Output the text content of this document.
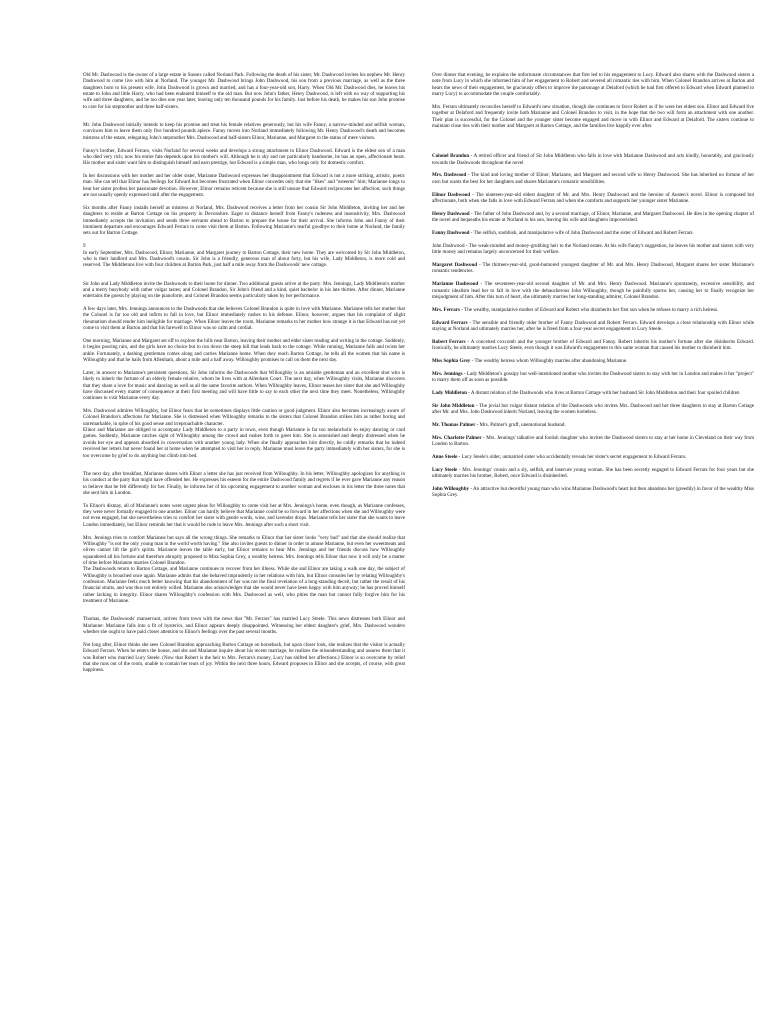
Old Mr. Dashwood is the owner of a large estate in Sussex called Norland Park. Following the death of his sister, Mr. Dashwood invites his nephew Mr. Henry Dashwood to come live with him at Norland. The younger Mr. Dashwood brings John Dashwood, his son from a previous marriage, as well as the three daughters born to his present wife. John Dashwood is grown and married, and has a four-year-old son, Harry. When Old Mr. Dashwood dies, he leaves his estate to John and little Harry, who had been endeared himself to the old man. But now John's father, Henry Dashwood, is left with no way of supporting his wife and three daughters, and he too dies one year later, leaving only ten thousand pounds for his family. Just before his death, he makes his son John promise to care for his stepmother and three half-sisters.

Mr. John Dashwood initially intends to keep his promise and treat his female relatives generously, but his wife Fanny, a narrow-minded and selfish woman, convinces him to leave them only five hundred pounds apiece. Fanny moves into Norland immediately following Mr. Henry Dashwood's death and becomes mistress of the estate, relegating John's stepmother Mrs. Dashwood and half-sisters Elinor, Marianne, and Margaret to the status of mere visitors.

Fanny's brother, Edward Ferrars, visits Norland for several weeks and develops a strong attachment to Elinor Dashwood. Edward is the eldest son of a man who died very rich; now his entire fate depends upon his mother's will. Although he is shy and not particularly handsome, he has an open, affectionate heart. His mother and sister want him to distinguish himself and earn prestige, but Edward is a simple man, who longs only for domestic comfort.

In her discussions with her mother and her older sister, Marianne Dashwood expresses her disappointment that Edward is not a more striking, artistic, poetic man. She can tell that Elinor has feelings for Edward but becomes frustrated when Elinor concedes only that she "likes" and "esteems" him; Marianne longs to hear her sister profess her passionate devotion. However, Elinor remains reticent because she is still unsure that Edward reciprocates her affection; such things are not usually openly expressed until after the engagement.

Six months after Fanny installs herself as mistress at Norland, Mrs. Dashwood receives a letter from her cousin Sir John Middleton, inviting her and her daughters to reside at Barton Cottage on his property in Devonshire. Eager to distance herself from Fanny's rudeness and insensitivity, Mrs. Dashwood immediately accepts the invitation and sends three servants ahead to Barton to prepare the house for their arrival. She informs John and Fanny of their imminent departure and encourages Edward Ferrars to come visit them at Barton. Following Marianne's tearful goodbye to their home at Norland, the family sets out for Barton Cottage.

9
In early September, Mrs. Dashwood, Elinor, Marianne, and Margaret journey to Barton Cottage, their new home. They are welcomed by Sir John Middleton, who is their landlord and Mrs. Dashwood's cousin. Sir John is a friendly, generous man of about forty, but his wife, Lady Middleton, is more cold and reserved. The Middletons live with four children at Barton Park, just half a mile away from the Dashwoods' new cottage.

Sir John and Lady Middleton invite the Dashwoods to their home for dinner. Two additional guests arrive at the party: Mrs. Jennings, Lady Middleton's mother and a merry busybody with rather vulgar tastes; and Colonel Brandon, Sir John's friend and a kind, quiet bachelor in his late thirties. After dinner, Marianne entertains the guests by playing on the pianoforte, and Colonel Brandon seems particularly taken by her performance.

A few days later, Mrs. Jennings announces to the Dashwoods that she believes Colonel Brandon is quite in love with Marianne. Marianne tells her mother that the Colonel is far too old and infirm to fall in love, but Elinor immediately rushes to his defense. Elinor, however, argues that his complaint of slight rheumatism should render him ineligible for marriage. When Elinor leaves the room, Marianne remarks to her mother how strange it is that Edward has not yet come to visit them at Barton and that his farewell to Elinor was so calm and cordial.

One morning, Marianne and Margaret set off to explore the hills near Barton, leaving their mother and elder sister reading and writing in the cottage. Suddenly, it begins pouring rain, and the girls have no choice but to run down the steep hill that leads back to the cottage. While running, Marianne falls and twists her ankle. Fortunately, a dashing gentleman comes along and carries Marianne home. When they reach Barton Cottage, he tells all the women that his name is Willoughby and that he hails from Allenham, about a mile and a half away. Willoughby promises to call on them the next day.

Later, in answer to Marianne's persistent questions, Sir John informs the Dashwoods that Willoughby is an amiable gentleman and an excellent shot who is likely to inherit the fortune of an elderly female relative, whom he lives with at Allenham Court. The next day, when Willoughby visits, Marianne discovers that they share a love for music and dancing as well as all the same favorite authors. When Willoughby leaves, Elinor teases her sister that she and Willoughby have discussed every matter of consequence at their first meeting and will have little to say to each other the next time they meet. Nonetheless, Willoughby continues to visit Marianne every day.

Mrs. Dashwood admires Willoughby, but Elinor fears that he sometimes displays little caution or good judgment. Elinor also becomes increasingly aware of Colonel Brandon's affections for Marianne. She is distressed when Willoughby remarks to the sisters that Colonel Brandon strikes him as rather boring and unremarkable, in spite of his good sense and irreproachable character.
Elinor and Marianne are obliged to accompany Lady Middleton to a party in town, even though Marianne is far too melancholic to enjoy dancing or card games. Suddenly, Marianne catches sight of Willoughby among the crowd and rushes forth to greet him. She is astonished and deeply distressed when he avoids her eye and appears absorbed in conversation with another young lady. When she finally approaches him directly, he coldly remarks that he indeed received her letters but never found her at home when he attempted to visit her in reply. Marianne must leave the party immediately with her sisters, for she is too overcome by grief to do anything but climb into bed.

The next day, after breakfast, Marianne shares with Elinor a letter she has just received from Willoughby. In his letter, Willoughby apologizes for anything in his conduct at the party that might have offended her. He expresses his esteem for the entire Dashwood family and regrets if he ever gave Marianne any reason to believe that he felt differently for her. Finally, he informs her of his upcoming engagement to another woman and encloses in his letter the three notes that she sent him in London.

To Elinor's dismay, all of Marianne's notes were urgent pleas for Willoughby to come visit her at Mrs. Jennings's home, even though, as Marianne confesses, they were never formally engaged to one another. Elinor can hardly believe that Marianne could be so forward in her affections when she and Willoughby were not even engaged, but she nevertheless tries to comfort her sister with gentle words, wine, and lavender drops. Marianne tells her sister that she wants to leave London immediately, but Elinor reminds her that it would be rude to leave Mrs. Jennings after such a short visit.

Mrs. Jennings tries to comfort Marianne but says all the wrong things. She remarks to Elinor that her sister looks "very bad" and that she should realize that Willoughby "is not the only young man in the world worth having." She also invites guests to dinner in order to amuse Marianne, but even her sweetmeats and olives cannot lift the girl's spirits. Marianne leaves the table early, but Elinor remains to hear Mrs. Jennings and her friends discuss how Willoughby squandered all his fortune and therefore abruptly proposed to Miss Sophia Grey, a wealthy heiress. Mrs. Jennings tells Elinor that now it will only be a matter of time before Marianne marries Colonel Brandon.
The Dashwoods return to Barton Cottage, and Marianne continues to recover from her illness. While she and Elinor are taking a walk one day, the subject of Willoughby is broached once again. Marianne admits that she behaved imprudently in her relations with him, but Elinor consoles her by relating Willoughby's confession. Marianne feels much better knowing that his abandonment of her was not the final revelation of a long-standing deceit, but rather the result of his financial straits, and was thus not entirely willed. Marianne also acknowledges that she would never have been happy with him anyway; he has proved himself rather lacking in integrity. Elinor shares Willoughby's confession with Mrs. Dashwood as well, who pities the man but cannot fully forgive him for his treatment of Marianne.

Thomas, the Dashwoods' manservant, arrives from town with the news that "Mr. Ferrars" has married Lucy Steele. This news distresses both Elinor and Marianne: Marianne falls into a fit of hysterics, and Elinor appears deeply disappointed. Witnessing her eldest daughter's grief, Mrs. Dashwood wonders whether she ought to have paid closer attention to Elinor's feelings over the past several months.

Not long after, Elinor thinks she sees Colonel Brandon approaching Barton Cottage on horseback, but upon closer look, she realizes that the visitor is actually Edward Ferrars. When he enters the house, and she and Marianne inquire about his recent marriage, he realizes the misunderstanding and assures them that it was Robert who married Lucy Steele. (Now that Robert is the heir to Mrs. Ferrars's money, Lucy has shifted her affections.) Elinor is so overcome by relief that she runs out of the room, unable to contain her tears of joy. Within the next three hours, Edward proposes to Elinor and she accepts, of course, with great happiness.

Over dinner that evening, he explains the unfortunate circumstances that first led to his engagement to Lucy. Edward also shares with the Dashwood sisters a note from Lucy in which she informed him of her engagement to Robert and severed all romantic ties with him. When Colonel Brandon arrives at Barton and hears the news of their engagement, he graciously offers to improve the parsonage at Delaford (which he had first offered to Edward when Edward planned to marry Lucy) to accommodate the couple comfortably.

Mrs. Ferrars ultimately reconciles herself to Edward's new situation, though she continues to favor Robert as if he were her eldest son. Elinor and Edward live together at Delaford and frequently invite both Marianne and Colonel Brandon to visit, in the hope that the two will form an attachment with one another. Their plan is successful, for the Colonel and the younger sister become engaged and move in with Elinor and Edward at Delaford. The sisters continue to maintain close ties with their mother and Margaret at Barton Cottage, and the families live happily ever after.

Colonel Brandon - A retired officer and friend of Sir John Middleton who falls in love with Marianne Dashwood and acts kindly, honorably, and graciously towards the Dashwoods throughout the novel

Mrs. Dashwood - The kind and loving mother of Elinor, Marianne, and Margaret and second wife to Henry Dashwood. She has inherited no fortune of her own but wants the best for her daughters and shares Marianne's romantic sensibilities.

Elinor Dashwood - The nineteen-year-old eldest daughter of Mr. and Mrs. Henry Dashwood and the heroine of Austen's novel. Elinor is composed but affectionate, both when she falls in love with Edward Ferrars and when she comforts and supports her younger sister Marianne.

Henry Dashwood - The father of John Dashwood and, by a second marriage, of Elinor, Marianne, and Margaret Dashwood. He dies in the opening chapter of the novel and bequeaths his estate at Norland to his son, leaving his wife and daughters impoverished.

Fanny Dashwood - The selfish, snobbish, and manipulative wife of John Dashwood and the sister of Edward and Robert Ferrars.

John Dashwood - The weak-minded and money-grubbing heir to the Norland estate. At his wife Fanny's suggestion, he leaves his mother and sisters with very little money and remains largely unconcerned for their welfare.

Margaret Dashwood - The thirteen-year-old, good-humored youngest daughter of Mr. and Mrs. Henry Dashwood, Margaret shares her sister Marianne's romantic tendencies.

Marianne Dashwood - The seventeen-year-old second daughter of Mr. and Mrs. Henry Dashwood. Marianne's spontaneity, excessive sensibility, and romantic idealism lead her to fall in love with the debaucherous John Willoughby, though he painfully spurns her, causing her to finally recognize her misjudgment of him. After this turn of heart, she ultimately marries her long-standing admirer, Colonel Brandon.

Mrs. Ferrars - The wealthy, manipulative mother of Edward and Robert who disinherits her first son when he refuses to marry a rich heiress.

Edward Ferrars - The sensible and friendly older brother of Fanny Dashwood and Robert Ferrars. Edward develops a close relationship with Elinor while staying at Norland and ultimately marries her, after he is freed from a four-year secret engagement to Lucy Steele.

Robert Ferrars - A conceited coxcomb and the younger brother of Edward and Fanny. Robert inherits his mother's fortune after she disinherits Edward. Ironically, he ultimately marries Lucy Steele, even though it was Edward's engagement to this same woman that caused his mother to disinherit him.

Miss Sophia Grey - The wealthy heiress whom Willoughby marries after abandoning Marianne.

Mrs. Jennings - Lady Middleton's gossipy but well-intentioned mother who invites the Dashwood sisters to stay with her in London and makes it her "project" to marry them off as soon as possible.

Lady Middleton - A distant relation of the Dashwoods who lives at Barton Cottage with her husband Sir John Middleton and their four spoiled children

Sir John Middleton - The jovial but vulgar distant relation of the Dashwoods who invites Mrs. Dashwood and her three daughters to stay at Barton Cottage after Mr. and Mrs. John Dashwood inherit Norland, leaving the women homeless.

Mr. Thomas Palmer - Mrs. Palmer's gruff, unemotional husband.

Mrs. Charlotte Palmer - Mrs. Jennings' talkative and foolish daughter who invites the Dashwood sisters to stay at her home in Cleveland on their way from London to Barton.

Anne Steele - Lucy Steele's older, unmarried sister who accidentally reveals her sister's secret engagement to Edward Ferrars.

Lucy Steele - Mrs. Jennings' cousin and a sly, selfish, and insecure young woman. She has been secretly engaged to Edward Ferrars for four years but she ultimately marries his brother, Robert, once Edward is disinherited.

John Willoughby - An attractive but deceitful young man who wins Marianne Dashwood's heart but then abandons her (greedily) in favor of the wealthy Miss Sophia Grey.
